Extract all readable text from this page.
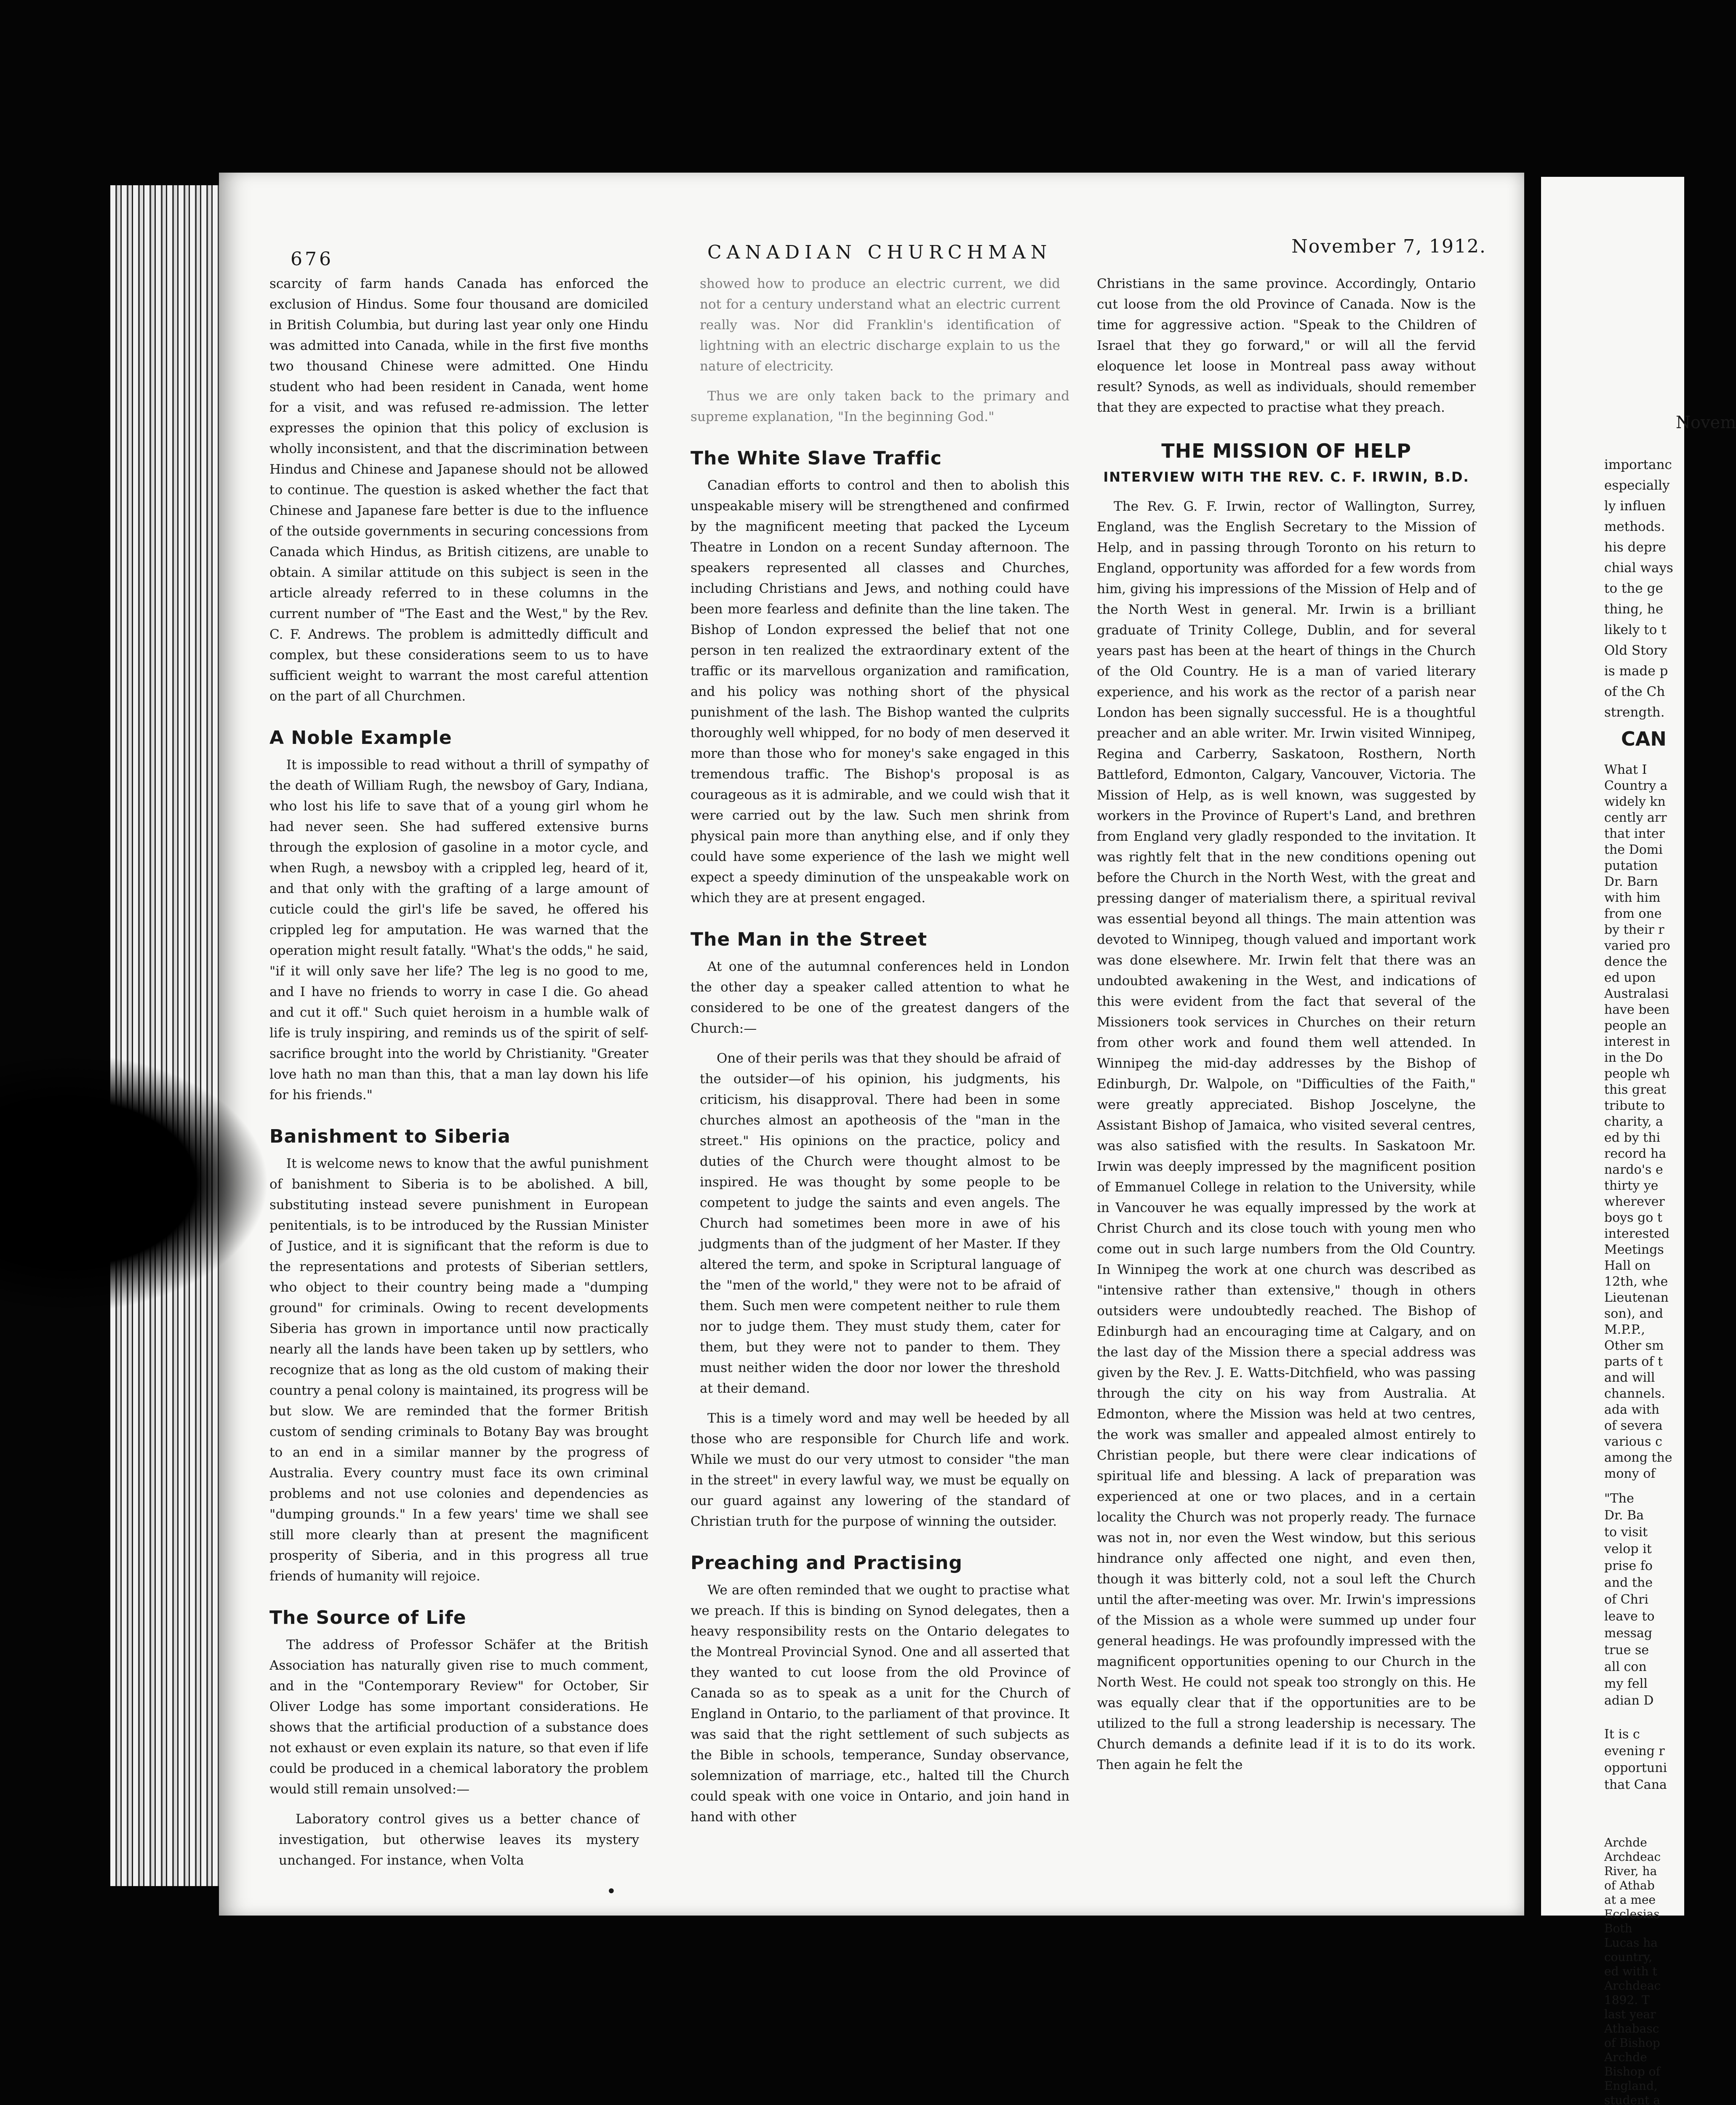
Novem

importanc
especially
ly influen
methods.
his depre
chial ways
to the ge
thing, he
likely to t
Old Story
is made p
of the Ch
strength.

CAN

What I
Country a
widely kn
cently arr
that inter
the Domi
putation
Dr. Barn
with him
from one
by their r
varied pro
dence the
ed upon
Australasi
have been
people an
interest in
in the Do
people wh
this great
tribute to
charity, a
ed by thi
record ha
nardo's e
thirty ye
wherever
boys go t
interested
Meetings
Hall on
12th, whe
Lieutenan
son), and
M.P.P.,
Other sm
parts of t
and will
channels.
ada with
of severa
various c
among the
mony of

"The
Dr. Ba
to visit
velop it
prise fo
and the
of Chri
leave to
messag
true se
all con
my fell
adian D

It is c
evening r
opportuni
that Cana

Archde
Archdeac
River, ha
of Athab
at a mee
Ecclesias
Both
Lucas ha
country,
ed with t
Archdeac
1892. T
last year
Athabasc
of Bishop
Archde
Bishop of
England,
student a

676	CANADIAN CHURCHMAN	November 7, 1912.

scarcity of farm hands Canada has enforced the exclusion of Hindus. Some four thousand are domiciled in British Columbia, but during last year only one Hindu was admitted into Canada, while in the first five months two thousand Chinese were admitted. One Hindu student who had been resident in Canada, went home for a visit, and was refused re-admission. The letter expresses the opinion that this policy of exclusion is wholly inconsistent, and that the discrimination between Hindus and Chinese and Japanese should not be allowed to continue. The question is asked whether the fact that Chinese and Japanese fare better is due to the influence of the outside governments in securing concessions from Canada which Hindus, as British citizens, are unable to obtain. A similar attitude on this subject is seen in the article already referred to in these columns in the current number of "The East and the West," by the Rev. C. F. Andrews. The problem is admittedly difficult and complex, but these considerations seem to us to have sufficient weight to warrant the most careful attention on the part of all Churchmen.

A Noble Example

It is impossible to read without a thrill of sympathy of the death of William Rugh, the newsboy of Gary, Indiana, who lost his life to save that of a young girl whom he had never seen. She had suffered extensive burns through the explosion of gasoline in a motor cycle, and when Rugh, a newsboy with a crippled leg, heard of it, and that only with the grafting of a large amount of cuticle could the girl's life be saved, he offered his crippled leg for amputation. He was warned that the operation might result fatally. "What's the odds," he said, "if it will only save her life? The leg is no good to me, and I have no friends to worry in case I die. Go ahead and cut it off." Such quiet heroism in a humble walk of life is truly inspiring, and reminds us of the spirit of self-sacrifice brought into the world by Christianity. "Greater love hath no man than this, that a man lay down his life for his friends."

Banishment to Siberia

It is welcome news to know that the awful punishment of banishment to Siberia is to be abolished. A bill, substituting instead severe punishment in European penitentials, is to be introduced by the Russian Minister of Justice, and it is significant that the reform is due to the representations and protests of Siberian settlers, who object to their country being made a "dumping ground" for criminals. Owing to recent developments Siberia has grown in importance until now practically nearly all the lands have been taken up by settlers, who recognize that as long as the old custom of making their country a penal colony is maintained, its progress will be but slow. We are reminded that the former British custom of sending criminals to Botany Bay was brought to an end in a similar manner by the progress of Australia. Every country must face its own criminal problems and not use colonies and dependencies as "dumping grounds." In a few years' time we shall see still more clearly than at present the magnificent prosperity of Siberia, and in this progress all true friends of humanity will rejoice.

The Source of Life

The address of Professor Schäfer at the British Association has naturally given rise to much comment, and in the "Contemporary Review" for October, Sir Oliver Lodge has some important considerations. He shows that the artificial production of a substance does not exhaust or even explain its nature, so that even if life could be produced in a chemical laboratory the problem would still remain unsolved:—

Laboratory control gives us a better chance of investigation, but otherwise leaves its mystery unchanged. For instance, when Volta

showed how to produce an electric current, we did not for a century understand what an electric current really was. Nor did Franklin's identification of lightning with an electric discharge explain to us the nature of electricity.

Thus we are only taken back to the primary and supreme explanation, "In the beginning God."

The White Slave Traffic

Canadian efforts to control and then to abolish this unspeakable misery will be strengthened and confirmed by the magnificent meeting that packed the Lyceum Theatre in London on a recent Sunday afternoon. The speakers represented all classes and Churches, including Christians and Jews, and nothing could have been more fearless and definite than the line taken. The Bishop of London expressed the belief that not one person in ten realized the extraordinary extent of the traffic or its marvellous organization and ramification, and his policy was nothing short of the physical punishment of the lash. The Bishop wanted the culprits thoroughly well whipped, for no body of men deserved it more than those who for money's sake engaged in this tremendous traffic. The Bishop's proposal is as courageous as it is admirable, and we could wish that it were carried out by the law. Such men shrink from physical pain more than anything else, and if only they could have some experience of the lash we might well expect a speedy diminution of the unspeakable work on which they are at present engaged.

The Man in the Street

At one of the autumnal conferences held in London the other day a speaker called attention to what he considered to be one of the greatest dangers of the Church:—

One of their perils was that they should be afraid of the outsider—of his opinion, his judgments, his criticism, his disapproval. There had been in some churches almost an apotheosis of the "man in the street." His opinions on the practice, policy and duties of the Church were thought almost to be inspired. He was thought by some people to be competent to judge the saints and even angels. The Church had sometimes been more in awe of his judgments than of the judgment of her Master. If they altered the term, and spoke in Scriptural language of the "men of the world," they were not to be afraid of them. Such men were competent neither to rule them nor to judge them. They must study them, cater for them, but they were not to pander to them. They must neither widen the door nor lower the threshold at their demand.

This is a timely word and may well be heeded by all those who are responsible for Church life and work. While we must do our very utmost to consider "the man in the street" in every lawful way, we must be equally on our guard against any lowering of the standard of Christian truth for the purpose of winning the outsider.

Preaching and Practising

We are often reminded that we ought to practise what we preach. If this is binding on Synod delegates, then a heavy responsibility rests on the Ontario delegates to the Montreal Provincial Synod. One and all asserted that they wanted to cut loose from the old Province of Canada so as to speak as a unit for the Church of England in Ontario, to the parliament of that province. It was said that the right settlement of such subjects as the Bible in schools, temperance, Sunday observance, solemnization of marriage, etc., halted till the Church could speak with one voice in Ontario, and join hand in hand with other

Christians in the same province. Accordingly, Ontario cut loose from the old Province of Canada. Now is the time for aggressive action. "Speak to the Children of Israel that they go forward," or will all the fervid eloquence let loose in Montreal pass away without result? Synods, as well as individuals, should remember that they are expected to practise what they preach.

THE MISSION OF HELP
INTERVIEW WITH THE REV. C. F. IRWIN, B.D.

The Rev. G. F. Irwin, rector of Wallington, Surrey, England, was the English Secretary to the Mission of Help, and in passing through Toronto on his return to England, opportunity was afforded for a few words from him, giving his impressions of the Mission of Help and of the North West in general. Mr. Irwin is a brilliant graduate of Trinity College, Dublin, and for several years past has been at the heart of things in the Church of the Old Country. He is a man of varied literary experience, and his work as the rector of a parish near London has been signally successful. He is a thoughtful preacher and an able writer. Mr. Irwin visited Winnipeg, Regina and Carberry, Saskatoon, Rosthern, North Battleford, Edmonton, Calgary, Vancouver, Victoria. The Mission of Help, as is well known, was suggested by workers in the Province of Rupert's Land, and brethren from England very gladly responded to the invitation. It was rightly felt that in the new conditions opening out before the Church in the North West, with the great and pressing danger of materialism there, a spiritual revival was essential beyond all things. The main attention was devoted to Winnipeg, though valued and important work was done elsewhere. Mr. Irwin felt that there was an undoubted awakening in the West, and indications of this were evident from the fact that several of the Missioners took services in Churches on their return from other work and found them well attended. In Winnipeg the mid-day addresses by the Bishop of Edinburgh, Dr. Walpole, on "Difficulties of the Faith," were greatly appreciated. Bishop Joscelyne, the Assistant Bishop of Jamaica, who visited several centres, was also satisfied with the results. In Saskatoon Mr. Irwin was deeply impressed by the magnificent position of Emmanuel College in relation to the University, while in Vancouver he was equally impressed by the work at Christ Church and its close touch with young men who come out in such large numbers from the Old Country. In Winnipeg the work at one church was described as "intensive rather than extensive," though in others outsiders were undoubtedly reached. The Bishop of Edinburgh had an encouraging time at Calgary, and on the last day of the Mission there a special address was given by the Rev. J. E. Watts-Ditchfield, who was passing through the city on his way from Australia. At Edmonton, where the Mission was held at two centres, the work was smaller and appealed almost entirely to Christian people, but there were clear indications of spiritual life and blessing. A lack of preparation was experienced at one or two places, and in a certain locality the Church was not properly ready. The furnace was not in, nor even the West window, but this serious hindrance only affected one night, and even then, though it was bitterly cold, not a soul left the Church until the after-meeting was over. Mr. Irwin's impressions of the Mission as a whole were summed up under four general headings. He was profoundly impressed with the magnificent opportunities opening to our Church in the North West. He could not speak too strongly on this. He was equally clear that if the opportunities are to be utilized to the full a strong leadership is necessary. The Church demands a definite lead if it is to do its work. Then again he felt the

•
